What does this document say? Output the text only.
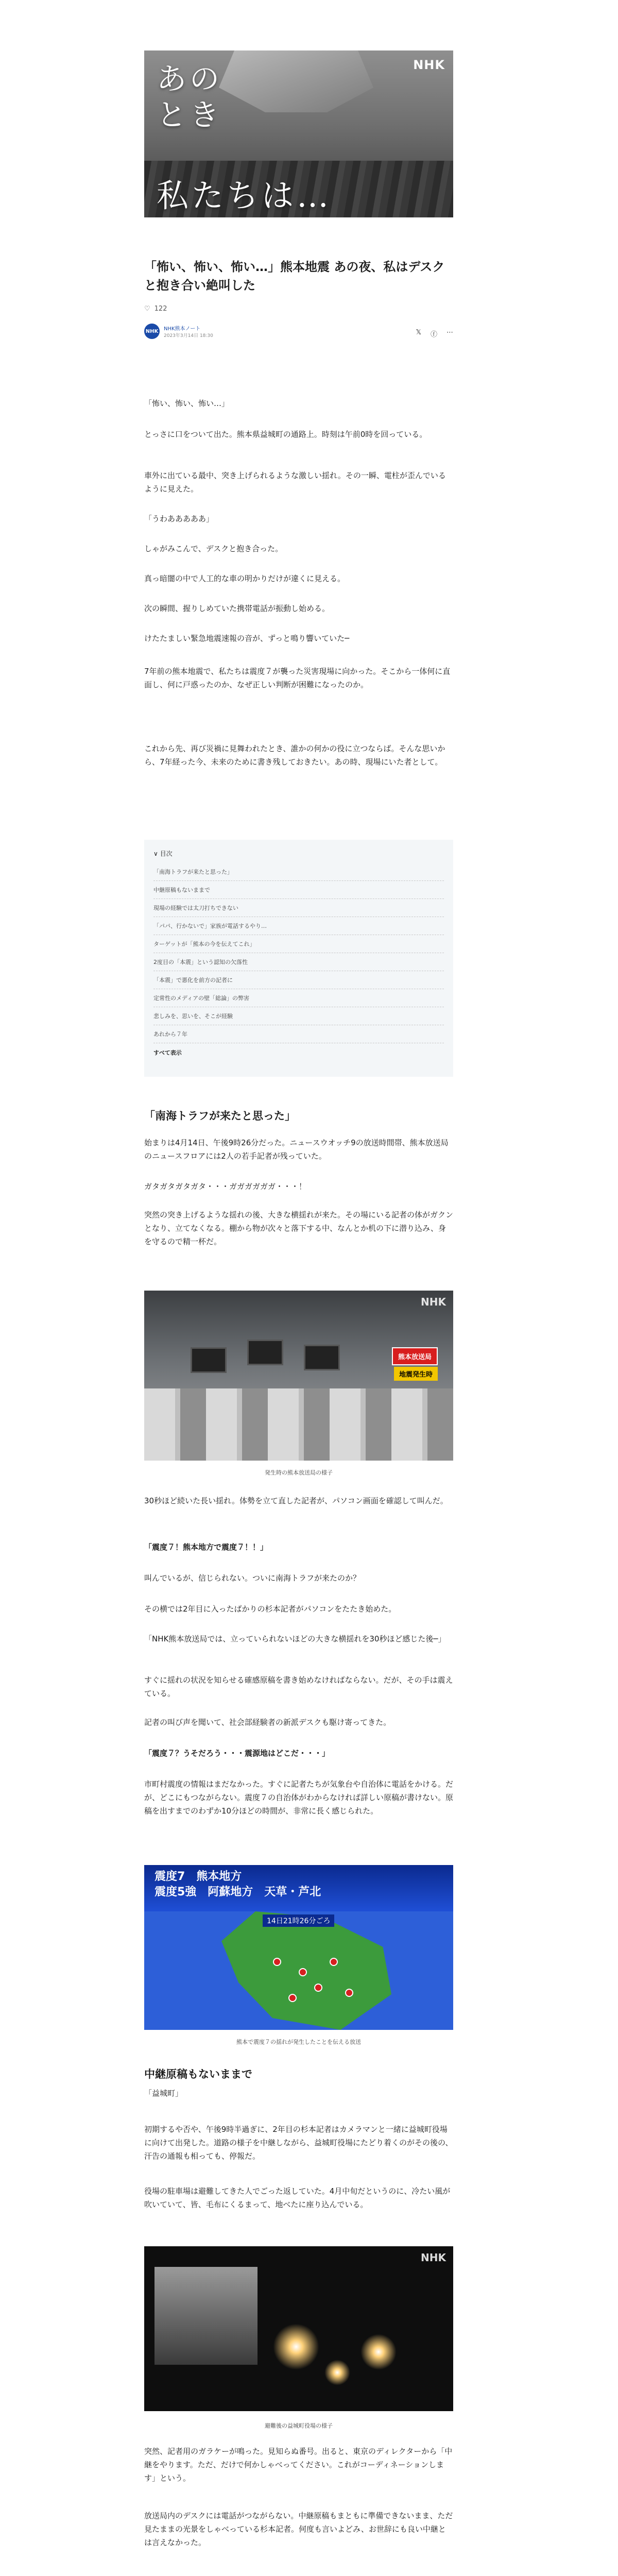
あの
とき
私たちは…
NHK
「怖い、怖い、怖い…」熊本地震 あの夜、私はデスクと抱き合い絶叫した
♡ 122
NHK NHK熊本ノート
2023年3月14日 18:30	𝕏 ⓕ ⋯
「怖い、怖い、怖い…」
とっさに口をついて出た。熊本県益城町の通路上。時刻は午前0時を回っている。
車外に出ている最中、突き上げられるような激しい揺れ。その一瞬、電柱が歪んでいるように見えた。
「うわあああああ」
しゃがみこんで、デスクと抱き合った。
真っ暗闇の中で人工的な車の明かりだけが違くに見える。
次の瞬間、握りしめていた携帯電話が振動し始める。
けたたましい緊急地震速報の音が、ずっと鳴り響いていた─
7年前の熊本地震で、私たちは震度７が襲った災害現場に向かった。そこから一体何に直面し、何に戸惑ったのか、なぜ正しい判断が困難になったのか。
これから先、再び災禍に見舞われたとき、誰かの何かの役に立つならば。そんな思いから、7年経った今、未来のために書き残しておきたい。あの時、現場にいた者として。
∨ 目次
「南海トラフが来たと思った」
中継原稿もないままで
現場の経験では太刀打ちできない
「パパ、行かないで」家族が電話するやり…
ターゲットが「熊本の今を伝えてこれ」
2度目の「本震」という認知の欠落性
「本震」で悪化を前方の記者に
定常性のメディアの壁「総論」の弊害
悲しみを、思いを、そこが経験
あれから７年
すべて表示
「南海トラフが来たと思った」
始まりは4月14日、午後9時26分だった。ニュースウオッチ9の放送時間帯、熊本放送局のニュースフロアには2人の若手記者が残っていた。
ガタガタガタガタ・・・ガガガガガガ・・・！
突然の突き上げるような揺れの後、大きな横揺れが来た。その場にいる記者の体がガクンとなり、立てなくなる。棚から物が次々と落下する中、なんとか机の下に潜り込み、身を守るので精一杯だ。
熊本放送局
地震発生時
NHK
発生時の熊本放送局の様子
30秒ほど続いた長い揺れ。体勢を立て直した記者が、パソコン画面を確認して叫んだ。
「震度７！熊本地方で震度７！！」
叫んでいるが、信じられない。ついに南海トラフが来たのか？
その横では2年目に入ったばかりの杉本記者がパソコンをたたき始めた。
「NHK熊本放送局では、立っていられないほどの大きな横揺れを30秒ほど感じた後─」
すぐに揺れの状況を知らせる確感原稿を書き始めなければならない。だが、その手は震えている。
記者の叫び声を聞いて、社会部経験者の新派デスクも駆け寄ってきた。
「震度７？うそだろう・・・震源地はどこだ・・・」
市町村震度の情報はまだなかった。すぐに記者たちが気象台や自治体に電話をかける。だが、どこにもつながらない。震度７の自治体がわからなければ詳しい原稿が書けない。原稿を出すまでのわずか10分ほどの時間が、非常に長く感じられた。
震度7　熊本地方
震度5強　阿蘇地方　天草・芦北
14日21時26分ごろ
熊本で震度７の揺れが発生したことを伝える放送
中継原稿もないままで
「益城町」
初期するや否や、午後9時半過ぎに、2年目の杉本記者はカメラマンと一緒に益城町役場に向けて出発した。道路の様子を中継しながら、益城町役場にたどり着くのがその後の、汗告の通報も相っても、停報だ。
役場の駐車場は避難してきた人でごった返していた。4月中旬だというのに、冷たい風が吹いていて、皆、毛布にくるまって、地べたに座り込んでいる。
NHK
避難後の益城町役場の様子
突然、記者用のガラケーが鳴った。見知らぬ番号。出ると、東京のディレクターから「中継をやります。ただ、だけで何かしゃべってください。これがコーディネーションします」という。
放送局内のデスクには電話がつながらない。中継原稿もまともに準備できないまま、ただ見たままの光景をしゃべっている杉本記者。何度も言いよどみ、お世辞にも良い中継とは言えなかった。
